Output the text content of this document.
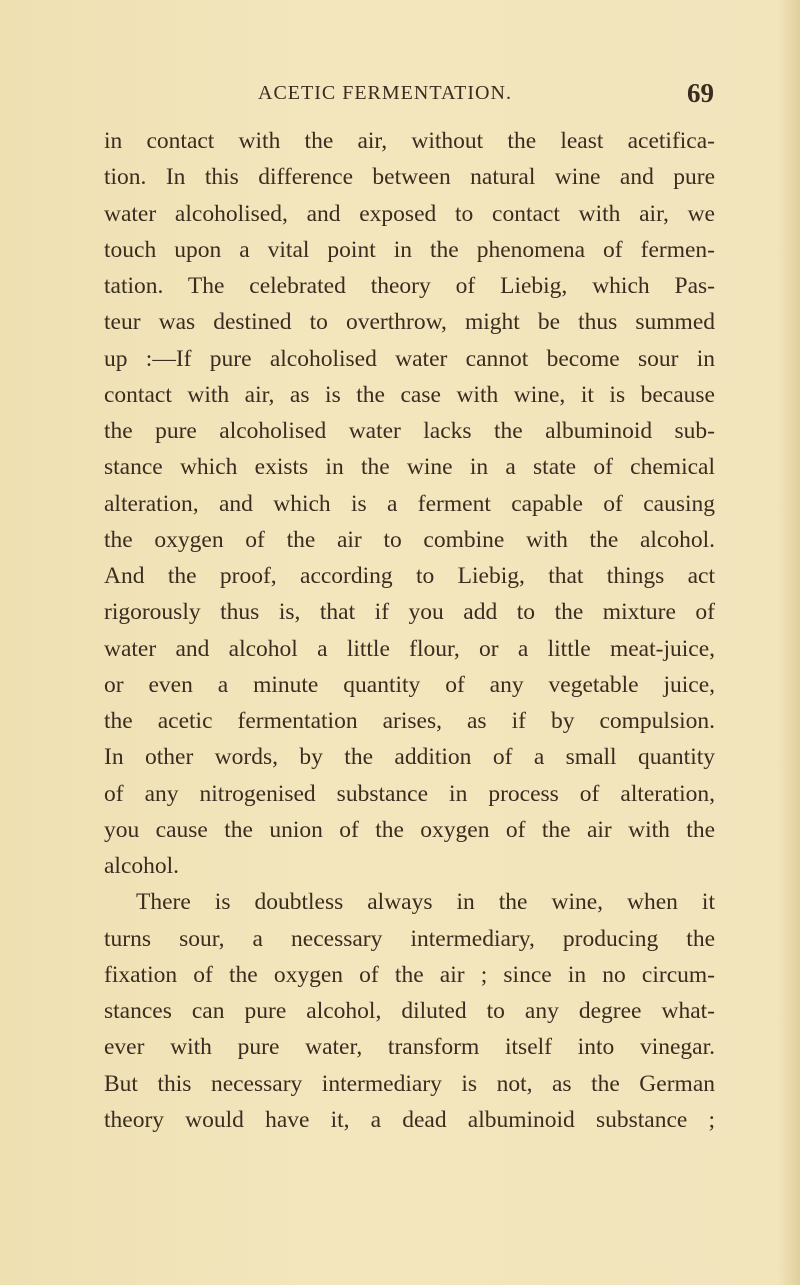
ACETIC FERMENTATION.	69
in contact with the air, without the least acetifica-
tion. In this difference between natural wine and pure
water alcoholised, and exposed to contact with air, we
touch upon a vital point in the phenomena of fermen-
tation. The celebrated theory of Liebig, which Pas-
teur was destined to overthrow, might be thus summed
up :—If pure alcoholised water cannot become sour in
contact with air, as is the case with wine, it is because
the pure alcoholised water lacks the albuminoid sub-
stance which exists in the wine in a state of chemical
alteration, and which is a ferment capable of causing
the oxygen of the air to combine with the alcohol.
And the proof, according to Liebig, that things act
rigorously thus is, that if you add to the mixture of
water and alcohol a little flour, or a little meat-juice,
or even a minute quantity of any vegetable juice,
the acetic fermentation arises, as if by compulsion.
In other words, by the addition of a small quantity
of any nitrogenised substance in process of alteration,
you cause the union of the oxygen of the air with the
alcohol.
There is doubtless always in the wine, when it
turns sour, a necessary intermediary, producing the
fixation of the oxygen of the air ; since in no circum-
stances can pure alcohol, diluted to any degree what-
ever with pure water, transform itself into vinegar.
But this necessary intermediary is not, as the German
theory would have it, a dead albuminoid substance ;
